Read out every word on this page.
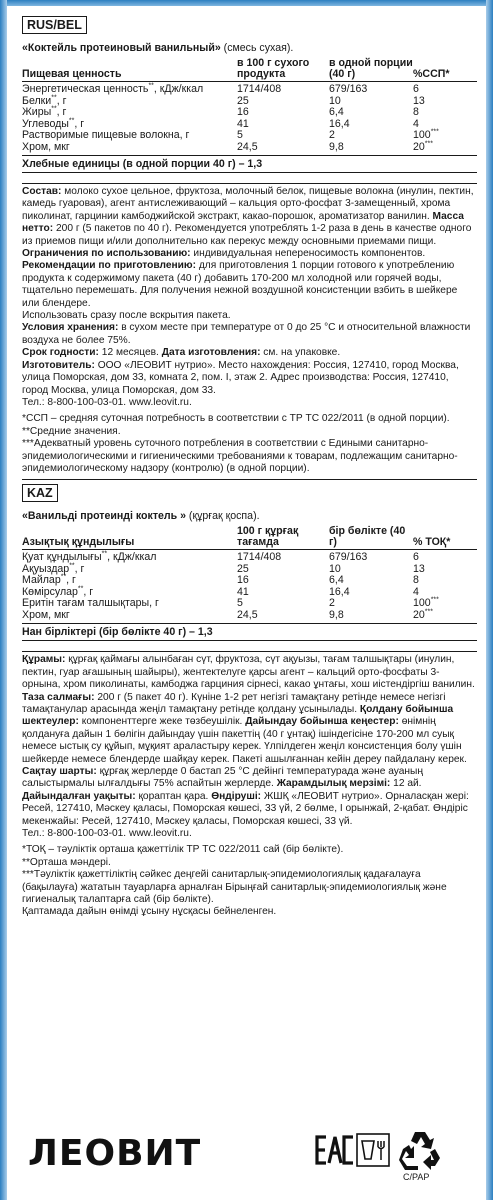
RUS/BEL
«Коктейль протеиновый ванильный» (смесь сухая).
Пищевая ценность	в 100 г сухого продукта	в одной порции (40 г)	%ССП*
Энергетическая ценность**, кДж/ккал	1714/408	679/163	6
Белки**, г	25	10	13
Жиры**, г	16	6,4	8
Углеводы**, г	41	16,4	4
Растворимые пищевые волокна, г	5	2	100***
Хром, мкг	24,5	9,8	20***
Хлебные единицы (в одной порции 40 г) – 1,3

Состав: молоко сухое цельное, фруктоза, молочный белок, пищевые волокна (инулин, пектин, камедь гуаровая), агент антислеживающий – кальция орто-фосфат 3-замещенный, хрома пиколинат, гарцинии камбоджийской экстракт, какао-порошок, ароматизатор ванилин. Масса нетто: 200 г (5 пакетов по 40 г). Рекомендуется употреблять 1-2 раза в день в качестве одного из приемов пищи и/или дополнительно как перекус между основными приемами пищи. Ограничения по использованию: индивидуальная непереносимость компонентов. Рекомендации по приготовлению: для приготовления 1 порции готового к употреблению продукта к содержимому пакета (40 г) добавить 170-200 мл холодной или горячей воды, тщательно перемешать. Для получения нежной воздушной консистенции взбить в шейкере или блендере.

Использовать сразу после вскрытия пакета.

Условия хранения: в сухом месте при температуре от 0 до 25 °С и относительной влажности воздуха не более 75%.

Срок годности: 12 месяцев. Дата изготовления: см. на упаковке.

Изготовитель: ООО «ЛЕОВИТ нутрио». Место нахождения: Россия, 127410, город Москва, улица Поморская, дом 33, комната 2, пом. I, этаж 2. Адрес производства: Россия, 127410, город Москва, улица Поморская, дом 33.

Тел.: 8-800-100-03-01. www.leovit.ru.

*ССП – средняя суточная потребность в соответствии с ТР ТС 022/2011 (в одной порции).

**Средние значения.

***Адекватный уровень суточного потребления в соответствии с Едиными санитарно-эпидемиологическими и гигиеническими требованиями к товарам, подлежащим санитарно-эпидемиологическому надзору (контролю) (в одной порции).

KAZ
«Ванильді протеинді коктель » (құрғақ қоспа).
Азықтық құндылығы	100 г құрғақ тағамда	бір бөлікте (40 г)	% ТОҚ*
Қуат құндылығы**, кДж/ккал	1714/408	679/163	6
Ақуыздар**, г	25	10	13
Майлар**, г	16	6,4	8
Көмірсулар**, г	41	16,4	4
Еритін тағам талшықтары, г	5	2	100***
Хром, мкг	24,5	9,8	20***
Нан бірліктері (бір бөлікте 40 г) – 1,3

Құрамы: құрғақ қаймағы алынбаған сүт, фруктоза, сүт ақуызы, тағам талшықтары (инулин, пектин, гуар ағашының шайыры), жентектелуге қарсы агент – кальций орто-фосфаты 3-орнына, хром пиколинаты, камбоджа гарциния сірнесі, какао ұнтағы, хош иістендіргіш ванилин. Таза салмағы: 200 г (5 пакет 40 г). Күніне 1-2 рет негізгі тамақтану ретінде немесе негізгі тамақтанулар арасында жеңіл тамақтану ретінде қолдану ұсынылады. Қолдану бойынша шектеулер: компоненттерге жеке төзбеушілік. Дайындау бойынша кеңестер: өнімнің қолдануға дайын 1 бөлігін дайындау үшін пакеттің (40 г ұнтақ) ішіндегісіне 170-200 мл суық немесе ыстық су құйып, мұқият араластыру керек. Үлпілдеген жеңіл консистенция болу үшін шейкерде немесе блендерде шайқау керек. Пакеті ашылғаннан кейін дереу пайдалану керек. Сақтау шарты: құрғақ жерлерде 0 бастап 25 °С дейінгі температурада және ауаның салыстырмалы ылғалдығы 75% аспайтын жерлерде. Жарамдылық мерзімі: 12 ай. Дайындалған уақыты: қорaптан қара. Өндіруші: ЖШҚ «ЛЕОВИТ нутрио». Орналасқан жері: Ресей, 127410, Мәскеу қаласы, Поморская көшесі, 33 үй, 2 бөлме, I орынжай, 2-қабат. Өндіріс мекенжайы: Ресей, 127410, Мәскеу қаласы, Поморская көшесі, 33 үй.

Тел.: 8-800-100-03-01. www.leovit.ru.

*ТОҚ – тәуліктік орташа қажеттілік ТР ТС 022/2011 сай (бір бөлікте).

**Орташа мәндері.

***Тәуліктік қажеттіліктің сәйкес деңгейі санитарлық-эпидемиологиялық қадағалауға (бақылауға) жататын тауарларға арналған Бірыңғай санитарлық-эпидемиологиялық және гигиеналық талаптарға сай (бір бөлікте).

Қаптамада дайын өнімді ұсыну нұсқасы бейнеленген.

ЛЕОВИТ	EAC
C/PAP
